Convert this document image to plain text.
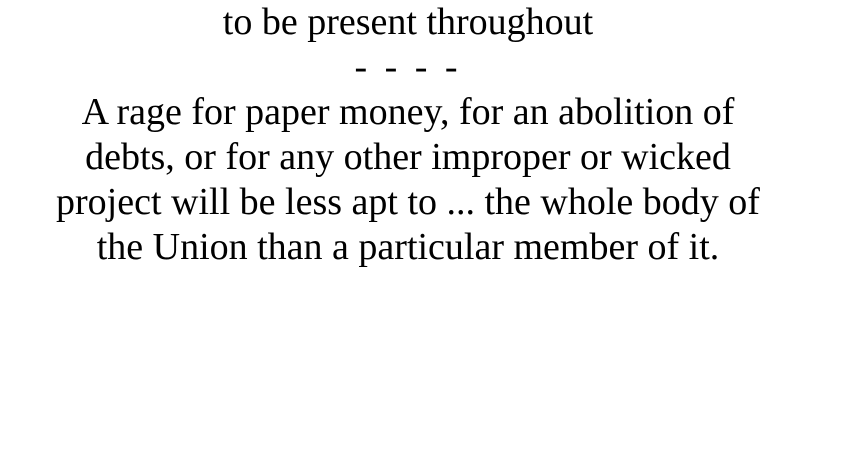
to be present throughout
- - - -
A rage for paper money, for an abolition of
debts, or for any other improper or wicked
project will be less apt to ... the whole body of
the Union than a particular member of it.
